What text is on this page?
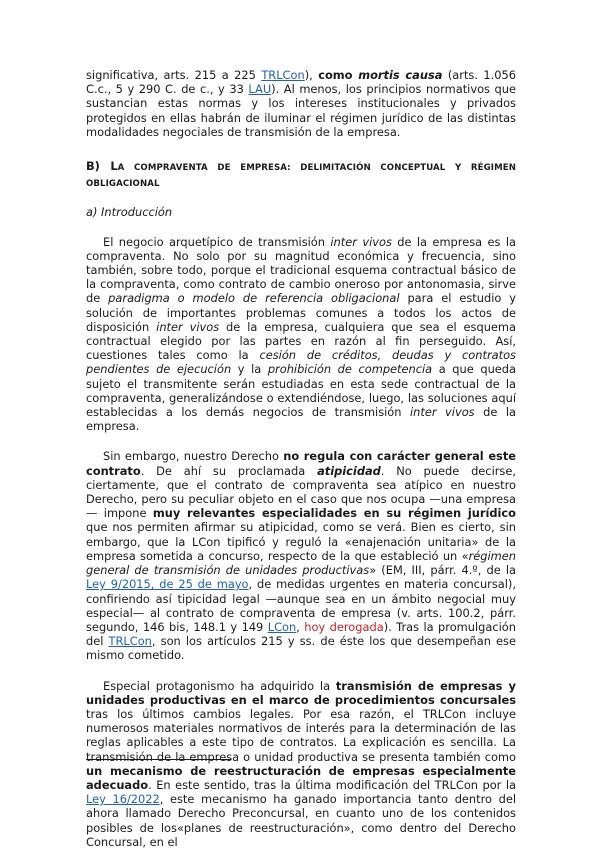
significativa, arts. 215 a 225 TRLCon), como mortis causa (arts. 1.056 C.c., 5 y 290 C. de c., y 33 LAU). Al menos, los principios normativos que sustancian estas normas y los intereses institucionales y privados protegidos en ellas habrán de iluminar el régimen jurídico de las distintas modalidades negociales de transmisión de la empresa.

B) LA COMPRAVENTA DE EMPRESA: DELIMITACIÓN CONCEPTUAL Y RÉGIMEN OBLIGACIONAL

a) Introducción

El negocio arquetípico de transmisión inter vivos de la empresa es la compraventa. No solo por su magnitud económica y frecuencia, sino también, sobre todo, porque el tradicional esquema contractual básico de la compraventa, como contrato de cambio oneroso por antonomasia, sirve de paradigma o modelo de referencia obligacional para el estudio y solución de importantes problemas comunes a todos los actos de disposición inter vivos de la empresa, cualquiera que sea el esquema contractual elegido por las partes en razón al fin perseguido. Así, cuestiones tales como la cesión de créditos, deudas y contratos pendientes de ejecución y la prohibición de competencia a que queda sujeto el transmitente serán estudiadas en esta sede contractual de la compraventa, generalizándose o extendiéndose, luego, las soluciones aquí establecidas a los demás negocios de transmisión inter vivos de la empresa.

Sin embargo, nuestro Derecho no regula con carácter general este contrato. De ahí su proclamada atipicidad. No puede decirse, ciertamente, que el contrato de compraventa sea atípico en nuestro Derecho, pero su peculiar objeto en el caso que nos ocupa —una empresa— impone muy relevantes especialidades en su régimen jurídico que nos permiten afirmar su atipicidad, como se verá. Bien es cierto, sin embargo, que la LCon tipificó y reguló la «enajenación unitaria» de la empresa sometida a concurso, respecto de la que estableció un «régimen general de transmisión de unidades productivas» (EM, III, párr. 4.º, de la Ley 9/2015, de 25 de mayo, de medidas urgentes en materia concursal), confiriendo así tipicidad legal —aunque sea en un ámbito negocial muy especial— al contrato de compraventa de empresa (v. arts. 100.2, párr. segundo, 146 bis, 148.1 y 149 LCon, hoy derogada). Tras la promulgación del TRLCon, son los artículos 215 y ss. de éste los que desempeñan ese mismo cometido.

Especial protagonismo ha adquirido la transmisión de empresas y unidades productivas en el marco de procedimientos concursales tras los últimos cambios legales. Por esa razón, el TRLCon incluye numerosos materiales normativos de interés para la determinación de las reglas aplicables a este tipo de contratos. La explicación es sencilla. La transmisión de la empresa o unidad productiva se presenta también como un mecanismo de reestructuración de empresas especialmente adecuado. En este sentido, tras la última modificación del TRLCon por la Ley 16/2022, este mecanismo ha ganado importancia tanto dentro del ahora llamado Derecho Preconcursal, en cuanto uno de los contenidos posibles de los«planes de reestructuración», como dentro del Derecho Concursal, en el
